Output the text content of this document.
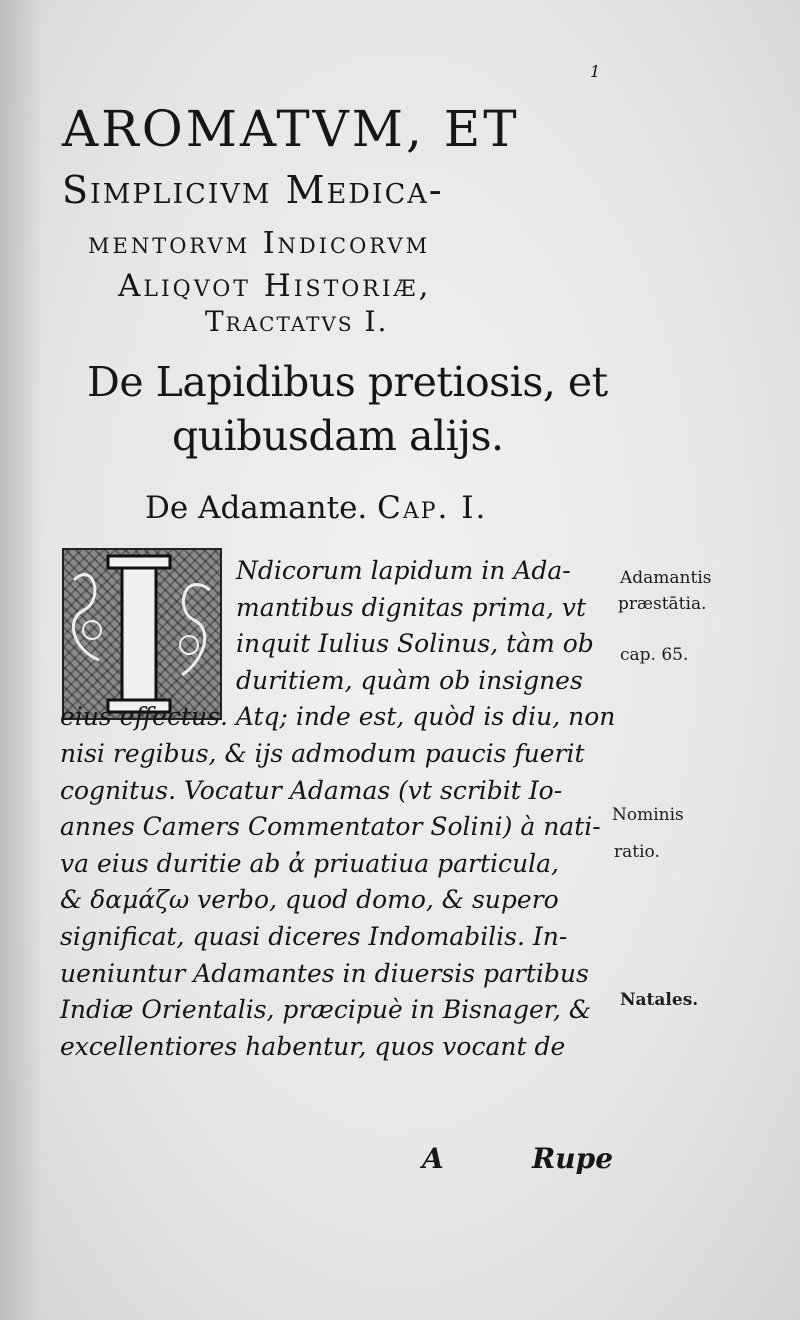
1
AROMATVM, ET
Simplicivm Medica-
mentorvm Indicorvm
Aliqvot Historiæ,
Tractatvs I.
De Lapidibus pretiosis, et
quibusdam alijs.
De Adamante. Cap. I.
Ndicorum lapidum in Ada-
mantibus dignitas prima, vt
inquit Iulius Solinus, tàm ob
duritiem, quàm ob insignes
eius effectus. Atq; inde est, quòd is diu, non
nisi regibus, & ijs admodum paucis fuerit
cognitus. Vocatur Adamas (vt scribit Io-
annes Camers Commentator Solini) à nati-
va eius duritie ab ἀ priuatiua particula,
& δαμάζω verbo, quod domo, & supero
significat, quasi diceres Indomabilis. In-
ueniuntur Adamantes in diuersis partibus
Indiæ Orientalis, præcipuè in Bisnager, &
excellentiores habentur, quos vocant de
A	Rupe
Adamantis
præstātia.
cap. 65.
Nominis
ratio.
Natales.
